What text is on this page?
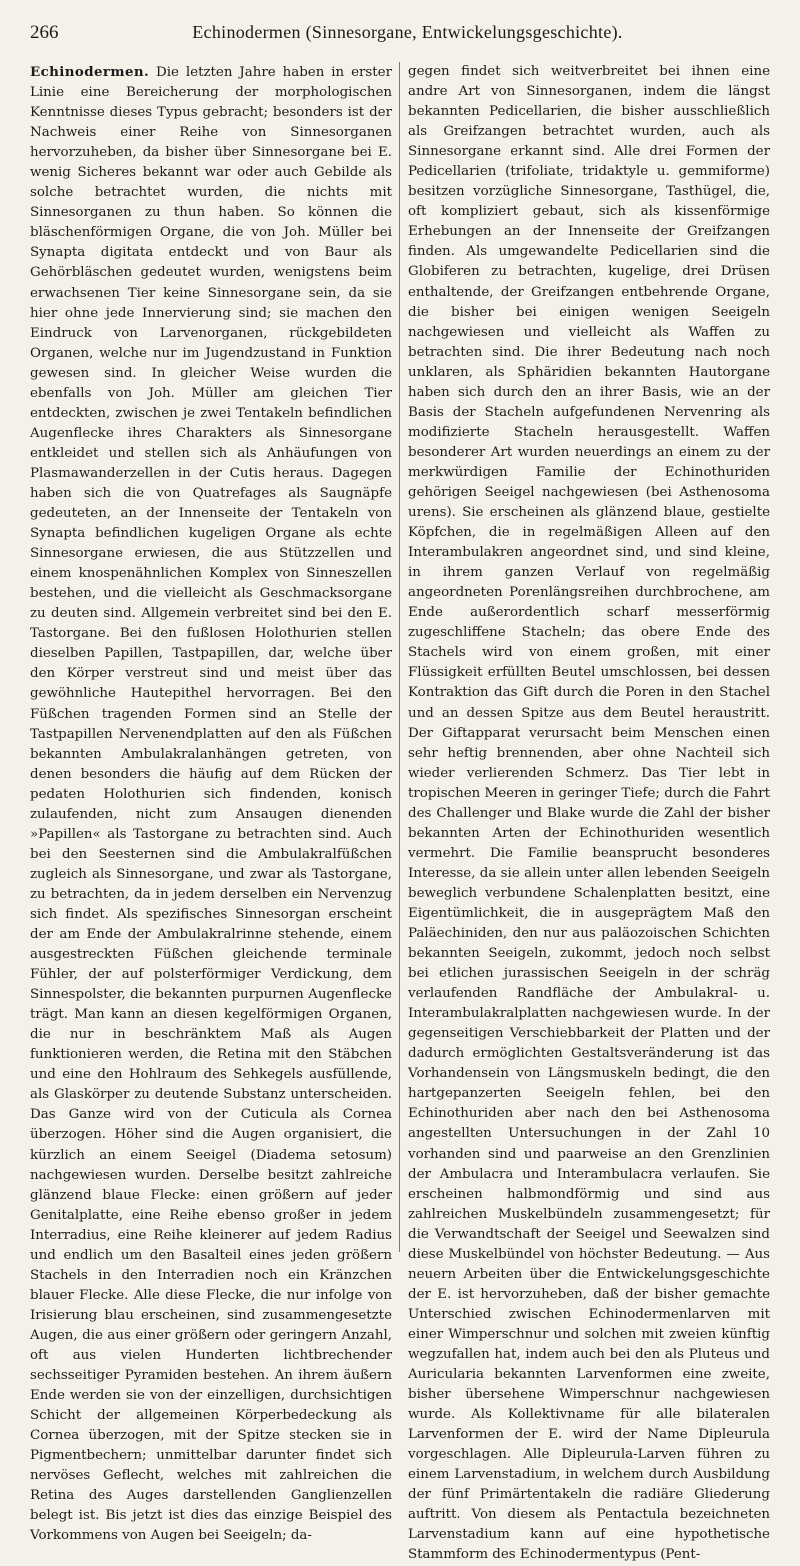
266	Echinodermen (Sinnesorgane, Entwickelungsgeschichte).

Echinodermen. Die letzten Jahre haben in erster Linie eine Bereicherung der morphologischen Kenntnisse dieses Typus gebracht; besonders ist der Nachweis einer Reihe von Sinnesorganen hervorzuheben, da bisher über Sinnesorgane bei E. wenig Sicheres bekannt war oder auch Gebilde als solche betrachtet wurden, die nichts mit Sinnesorganen zu thun haben. So können die bläschenförmigen Organe, die von Joh. Müller bei Synapta digitata entdeckt und von Baur als Gehörbläschen gedeutet wurden, wenigstens beim erwachsenen Tier keine Sinnesorgane sein, da sie hier ohne jede Innervierung sind; sie machen den Eindruck von Larvenorganen, rückgebildeten Organen, welche nur im Jugendzustand in Funktion gewesen sind. In gleicher Weise wurden die ebenfalls von Joh. Müller am gleichen Tier entdeckten, zwischen je zwei Tentakeln befindlichen Augenflecke ihres Charakters als Sinnesorgane entkleidet und stellen sich als Anhäufungen von Plasmawanderzellen in der Cutis heraus. Dagegen haben sich die von Quatrefages als Saugnäpfe gedeuteten, an der Innenseite der Tentakeln von Synapta befindlichen kugeligen Organe als echte Sinnesorgane erwiesen, die aus Stützzellen und einem knospenähnlichen Komplex von Sinneszellen bestehen, und die vielleicht als Geschmacksorgane zu deuten sind. Allgemein verbreitet sind bei den E. Tastorgane. Bei den fußlosen Holothurien stellen dieselben Papillen, Tastpapillen, dar, welche über den Körper verstreut sind und meist über das gewöhnliche Hautepithel hervorragen. Bei den Füßchen tragenden Formen sind an Stelle der Tastpapillen Nervenendplatten auf den als Füßchen bekannten Ambulakralanhängen getreten, von denen besonders die häufig auf dem Rücken der pedaten Holothurien sich findenden, konisch zulaufenden, nicht zum Ansaugen dienenden »Papillen« als Tastorgane zu betrachten sind. Auch bei den Seesternen sind die Ambulakralfüßchen zugleich als Sinnesorgane, und zwar als Tastorgane, zu betrachten, da in jedem derselben ein Nervenzug sich findet. Als spezifisches Sinnesorgan erscheint der am Ende der Ambulakralrinne stehende, einem ausgestreckten Füßchen gleichende terminale Fühler, der auf polsterförmiger Verdickung, dem Sinnespolster, die bekannten purpurnen Augenflecke trägt. Man kann an diesen kegelförmigen Organen, die nur in beschränktem Maß als Augen funktionieren werden, die Retina mit den Stäbchen und eine den Hohlraum des Sehkegels ausfüllende, als Glaskörper zu deutende Substanz unterscheiden. Das Ganze wird von der Cuticula als Cornea überzogen. Höher sind die Augen organisiert, die kürzlich an einem Seeigel (Diadema setosum) nachgewiesen wurden. Derselbe besitzt zahlreiche glänzend blaue Flecke: einen größern auf jeder Genitalplatte, eine Reihe ebenso großer in jedem Interradius, eine Reihe kleinerer auf jedem Radius und endlich um den Basalteil eines jeden größern Stachels in den Interradien noch ein Kränzchen blauer Flecke. Alle diese Flecke, die nur infolge von Irisierung blau erscheinen, sind zusammengesetzte Augen, die aus einer größern oder geringern Anzahl, oft aus vielen Hunderten lichtbrechender sechsseitiger Pyramiden bestehen. An ihrem äußern Ende werden sie von der einzelligen, durchsichtigen Schicht der allgemeinen Körperbedeckung als Cornea überzogen, mit der Spitze stecken sie in Pigmentbechern; unmittelbar darunter findet sich nervöses Geflecht, welches mit zahlreichen die Retina des Auges darstellenden Ganglienzellen belegt ist. Bis jetzt ist dies das einzige Beispiel des Vorkommens von Augen bei Seeigeln; da-

gegen findet sich weitverbreitet bei ihnen eine andre Art von Sinnesorganen, indem die längst bekannten Pedicellarien, die bisher ausschließlich als Greifzangen betrachtet wurden, auch als Sinnesorgane erkannt sind. Alle drei Formen der Pedicellarien (trifoliate, tridaktyle u. gemmiforme) besitzen vorzügliche Sinnesorgane, Tasthügel, die, oft kompliziert gebaut, sich als kissenförmige Erhebungen an der Innenseite der Greifzangen finden. Als umgewandelte Pedicellarien sind die Globiferen zu betrachten, kugelige, drei Drüsen enthaltende, der Greifzangen entbehrende Organe, die bisher bei einigen wenigen Seeigeln nachgewiesen und vielleicht als Waffen zu betrachten sind. Die ihrer Bedeutung nach noch unklaren, als Sphäridien bekannten Hautorgane haben sich durch den an ihrer Basis, wie an der Basis der Stacheln aufgefundenen Nervenring als modifizierte Stacheln herausgestellt. Waffen besonderer Art wurden neuerdings an einem zu der merkwürdigen Familie der Echinothuriden gehörigen Seeigel nachgewiesen (bei Asthenosoma urens). Sie erscheinen als glänzend blaue, gestielte Köpfchen, die in regelmäßigen Alleen auf den Interambulakren angeordnet sind, und sind kleine, in ihrem ganzen Verlauf von regelmäßig angeordneten Porenlängsreihen durchbrochene, am Ende außerordentlich scharf messerförmig zugeschliffene Stacheln; das obere Ende des Stachels wird von einem großen, mit einer Flüssigkeit erfüllten Beutel umschlossen, bei dessen Kontraktion das Gift durch die Poren in den Stachel und an dessen Spitze aus dem Beutel heraustritt. Der Giftapparat verursacht beim Menschen einen sehr heftig brennenden, aber ohne Nachteil sich wieder verlierenden Schmerz. Das Tier lebt in tropischen Meeren in geringer Tiefe; durch die Fahrt des Challenger und Blake wurde die Zahl der bisher bekannten Arten der Echinothuriden wesentlich vermehrt. Die Familie beansprucht besonderes Interesse, da sie allein unter allen lebenden Seeigeln beweglich verbundene Schalenplatten besitzt, eine Eigentümlichkeit, die in ausgeprägtem Maß den Paläechiniden, den nur aus paläozoischen Schichten bekannten Seeigeln, zukommt, jedoch noch selbst bei etlichen jurassischen Seeigeln in der schräg verlaufenden Randfläche der Ambulakral- u. Interambulakralplatten nachgewiesen wurde. In der gegenseitigen Verschiebbarkeit der Platten und der dadurch ermöglichten Gestaltsveränderung ist das Vorhandensein von Längsmuskeln bedingt, die den hartgepanzerten Seeigeln fehlen, bei den Echinothuriden aber nach den bei Asthenosoma angestellten Untersuchungen in der Zahl 10 vorhanden sind und paarweise an den Grenzlinien der Ambulacra und Interambulacra verlaufen. Sie erscheinen halbmondförmig und sind aus zahlreichen Muskelbündeln zusammengesetzt; für die Verwandtschaft der Seeigel und Seewalzen sind diese Muskelbündel von höchster Bedeutung. — Aus neuern Arbeiten über die Entwickelungsgeschichte der E. ist hervorzuheben, daß der bisher gemachte Unterschied zwischen Echinodermenlarven mit einer Wimperschnur und solchen mit zweien künftig wegzufallen hat, indem auch bei den als Pluteus und Auricularia bekannten Larvenformen eine zweite, bisher übersehene Wimperschnur nachgewiesen wurde. Als Kollektivname für alle bilateralen Larvenformen der E. wird der Name Dipleurula vorgeschlagen. Alle Dipleurula-Larven führen zu einem Larvenstadium, in welchem durch Ausbildung der fünf Primärtentakeln die radiäre Gliederung auftritt. Von diesem als Pentactula bezeichneten Larvenstadium kann auf eine hypothetische Stammform des Echinodermentypus (Pent-
